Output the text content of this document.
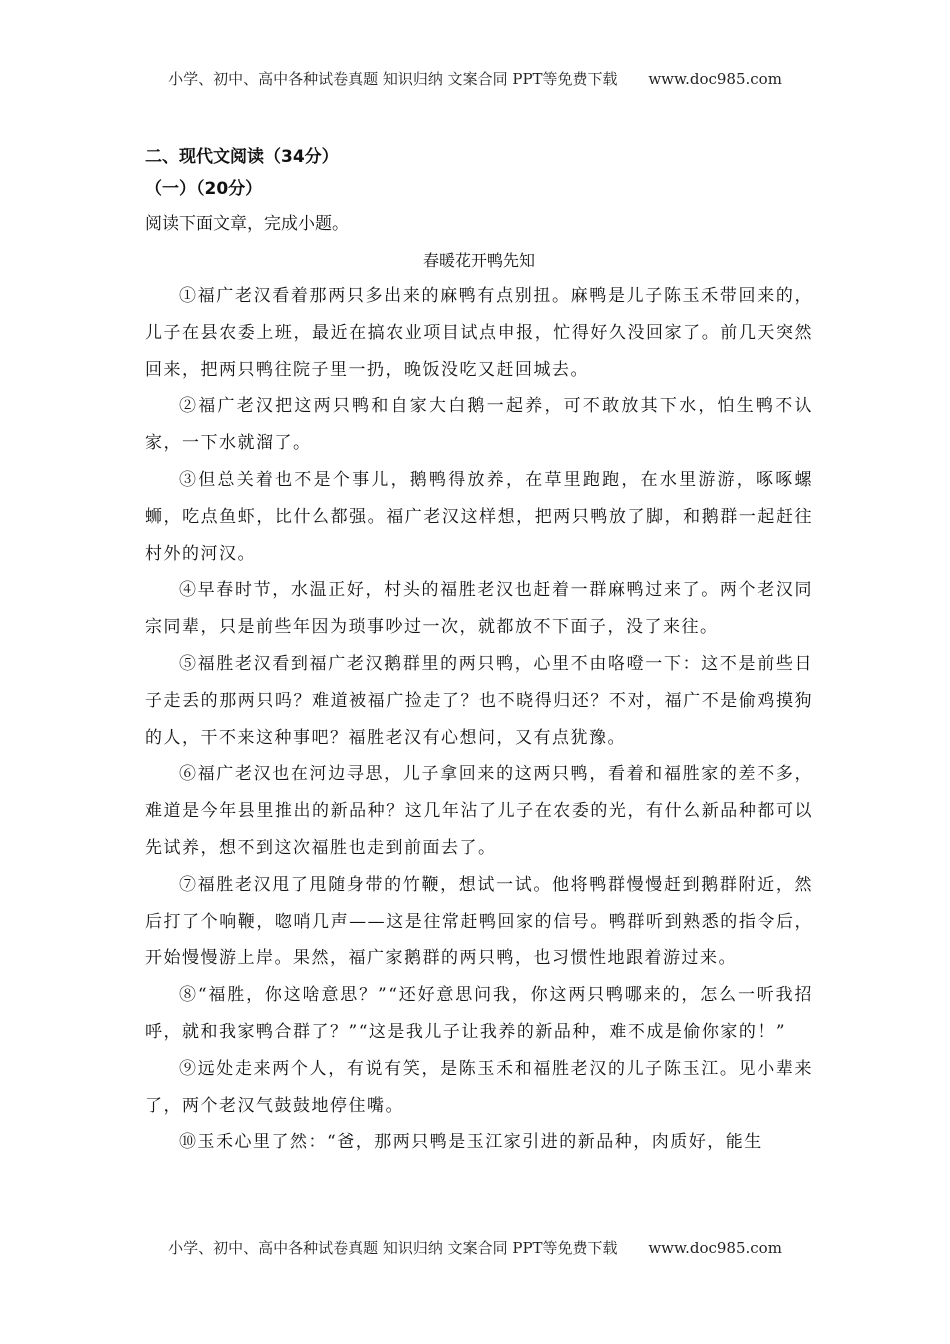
小学、初中、高中各种试卷真题 知识归纳 文案合同 PPT等免费下载 www.doc985.com
二、现代文阅读（34分）
（一）（20分）
阅读下面文章，完成小题。
春暖花开鸭先知

①福广老汉看着那两只多出来的麻鸭有点别扭。麻鸭是儿子陈玉禾带回来的，儿子在县农委上班，最近在搞农业项目试点申报，忙得好久没回家了。前几天突然回来，把两只鸭往院子里一扔，晚饭没吃又赶回城去。

②福广老汉把这两只鸭和自家大白鹅一起养，可不敢放其下水，怕生鸭不认家，一下水就溜了。

③但总关着也不是个事儿，鹅鸭得放养，在草里跑跑，在水里游游，啄啄螺蛳，吃点鱼虾，比什么都强。福广老汉这样想，把两只鸭放了脚，和鹅群一起赶往村外的河汉。

④早春时节，水温正好，村头的福胜老汉也赶着一群麻鸭过来了。两个老汉同宗同辈，只是前些年因为琐事吵过一次，就都放不下面子，没了来往。

⑤福胜老汉看到福广老汉鹅群里的两只鸭，心里不由咯噔一下：这不是前些日子走丢的那两只吗？难道被福广捡走了？也不晓得归还？不对，福广不是偷鸡摸狗的人，干不来这种事吧？福胜老汉有心想问，又有点犹豫。

⑥福广老汉也在河边寻思，儿子拿回来的这两只鸭，看着和福胜家的差不多，难道是今年县里推出的新品种？这几年沾了儿子在农委的光，有什么新品种都可以先试养，想不到这次福胜也走到前面去了。

⑦福胜老汉甩了甩随身带的竹鞭，想试一试。他将鸭群慢慢赶到鹅群附近，然后打了个响鞭，唿哨几声——这是往常赶鸭回家的信号。鸭群听到熟悉的指令后，开始慢慢游上岸。果然，福广家鹅群的两只鸭，也习惯性地跟着游过来。

⑧“福胜，你这啥意思？”“还好意思问我，你这两只鸭哪来的，怎么一听我招呼，就和我家鸭合群了？”“这是我儿子让我养的新品种，难不成是偷你家的！”

⑨远处走来两个人，有说有笑，是陈玉禾和福胜老汉的儿子陈玉江。见小辈来了，两个老汉气鼓鼓地停住嘴。

⑩玉禾心里了然：“爸，那两只鸭是玉江家引进的新品种，肉质好，能生

小学、初中、高中各种试卷真题 知识归纳 文案合同 PPT等免费下载 www.doc985.com
